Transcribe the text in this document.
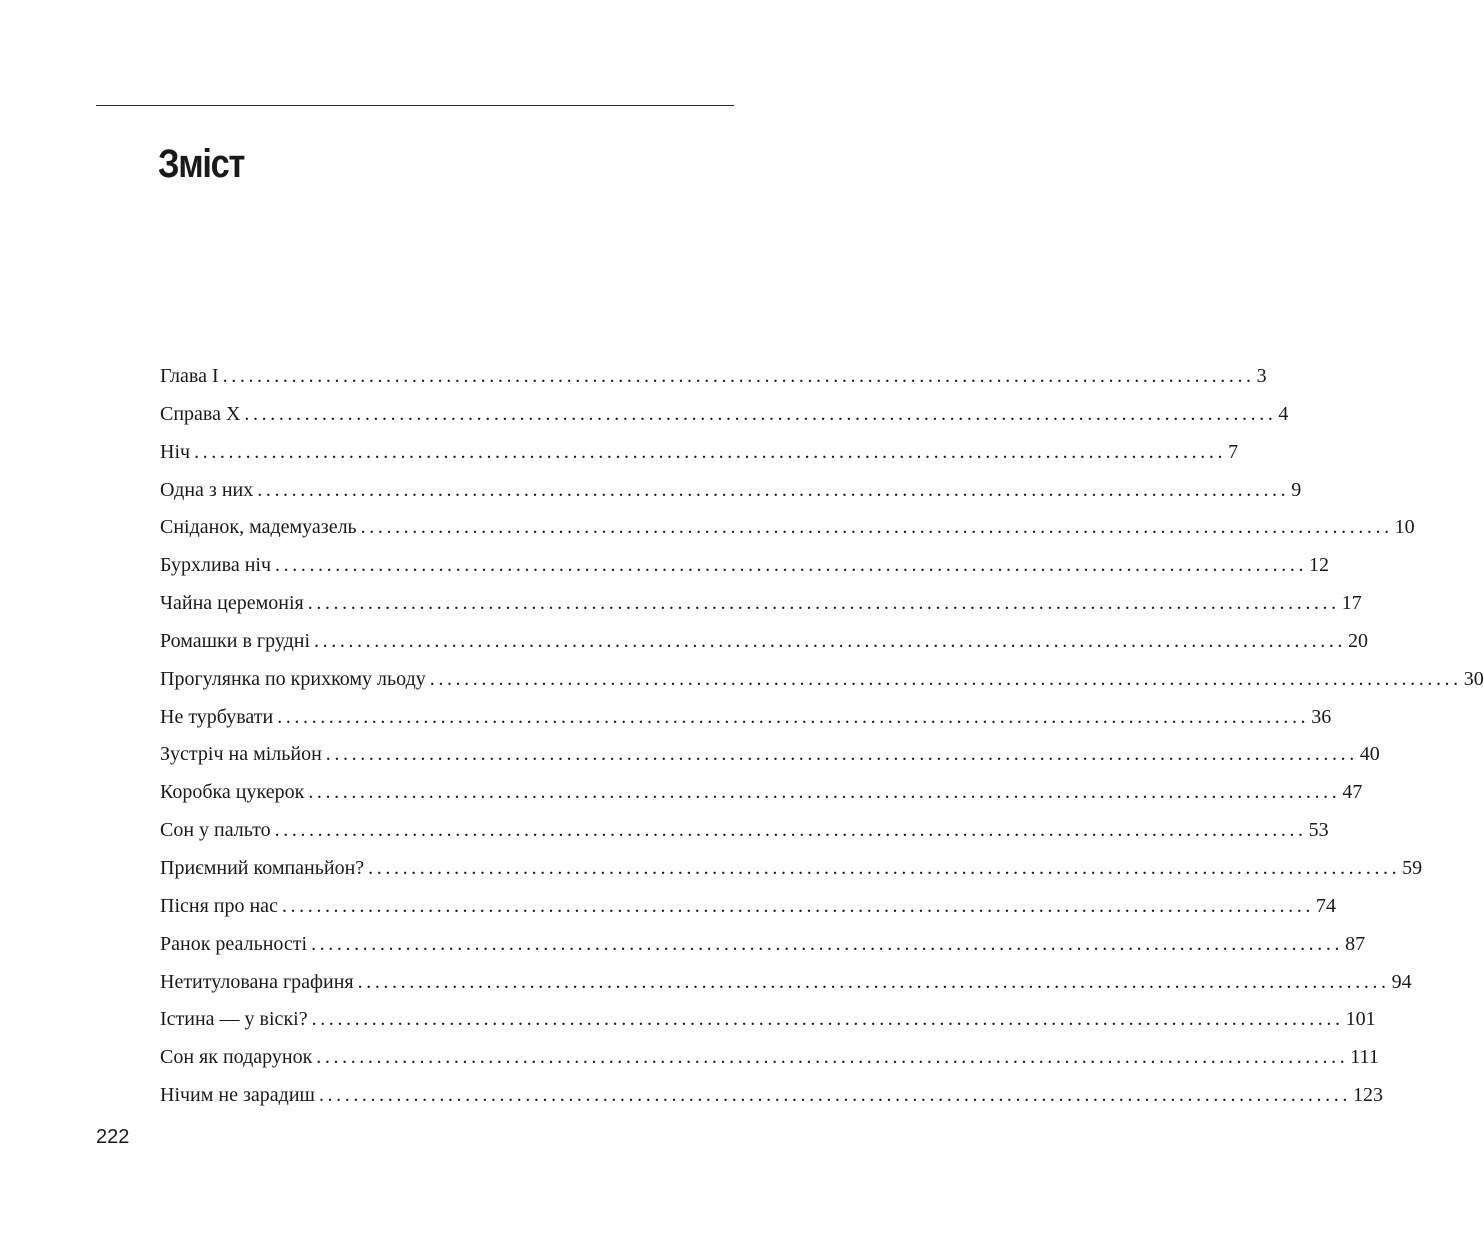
Зміст
Глава I ........................................................................................................................ 3
Справа Х ........................................................................................................................ 4
Ніч ........................................................................................................................ 7
Одна з них ........................................................................................................................ 9
Сніданок, мадемуазель ........................................................................................................................ 10
Бурхлива ніч ........................................................................................................................ 12
Чайна церемонія ........................................................................................................................ 17
Ромашки в грудні ........................................................................................................................ 20
Прогулянка по крихкому льоду ........................................................................................................................ 30
Не турбувати ........................................................................................................................ 36
Зустріч на мільйон ........................................................................................................................ 40
Коробка цукерок ........................................................................................................................ 47
Сон у пальто ........................................................................................................................ 53
Приємний компаньйон? ........................................................................................................................ 59
Пісня про нас ........................................................................................................................ 74
Ранок реальності ........................................................................................................................ 87
Нетитулована графиня ........................................................................................................................ 94
Істина — у віскі? ........................................................................................................................ 101
Сон як подарунок ........................................................................................................................ 111
Нічим не зарадиш ........................................................................................................................ 123
222
